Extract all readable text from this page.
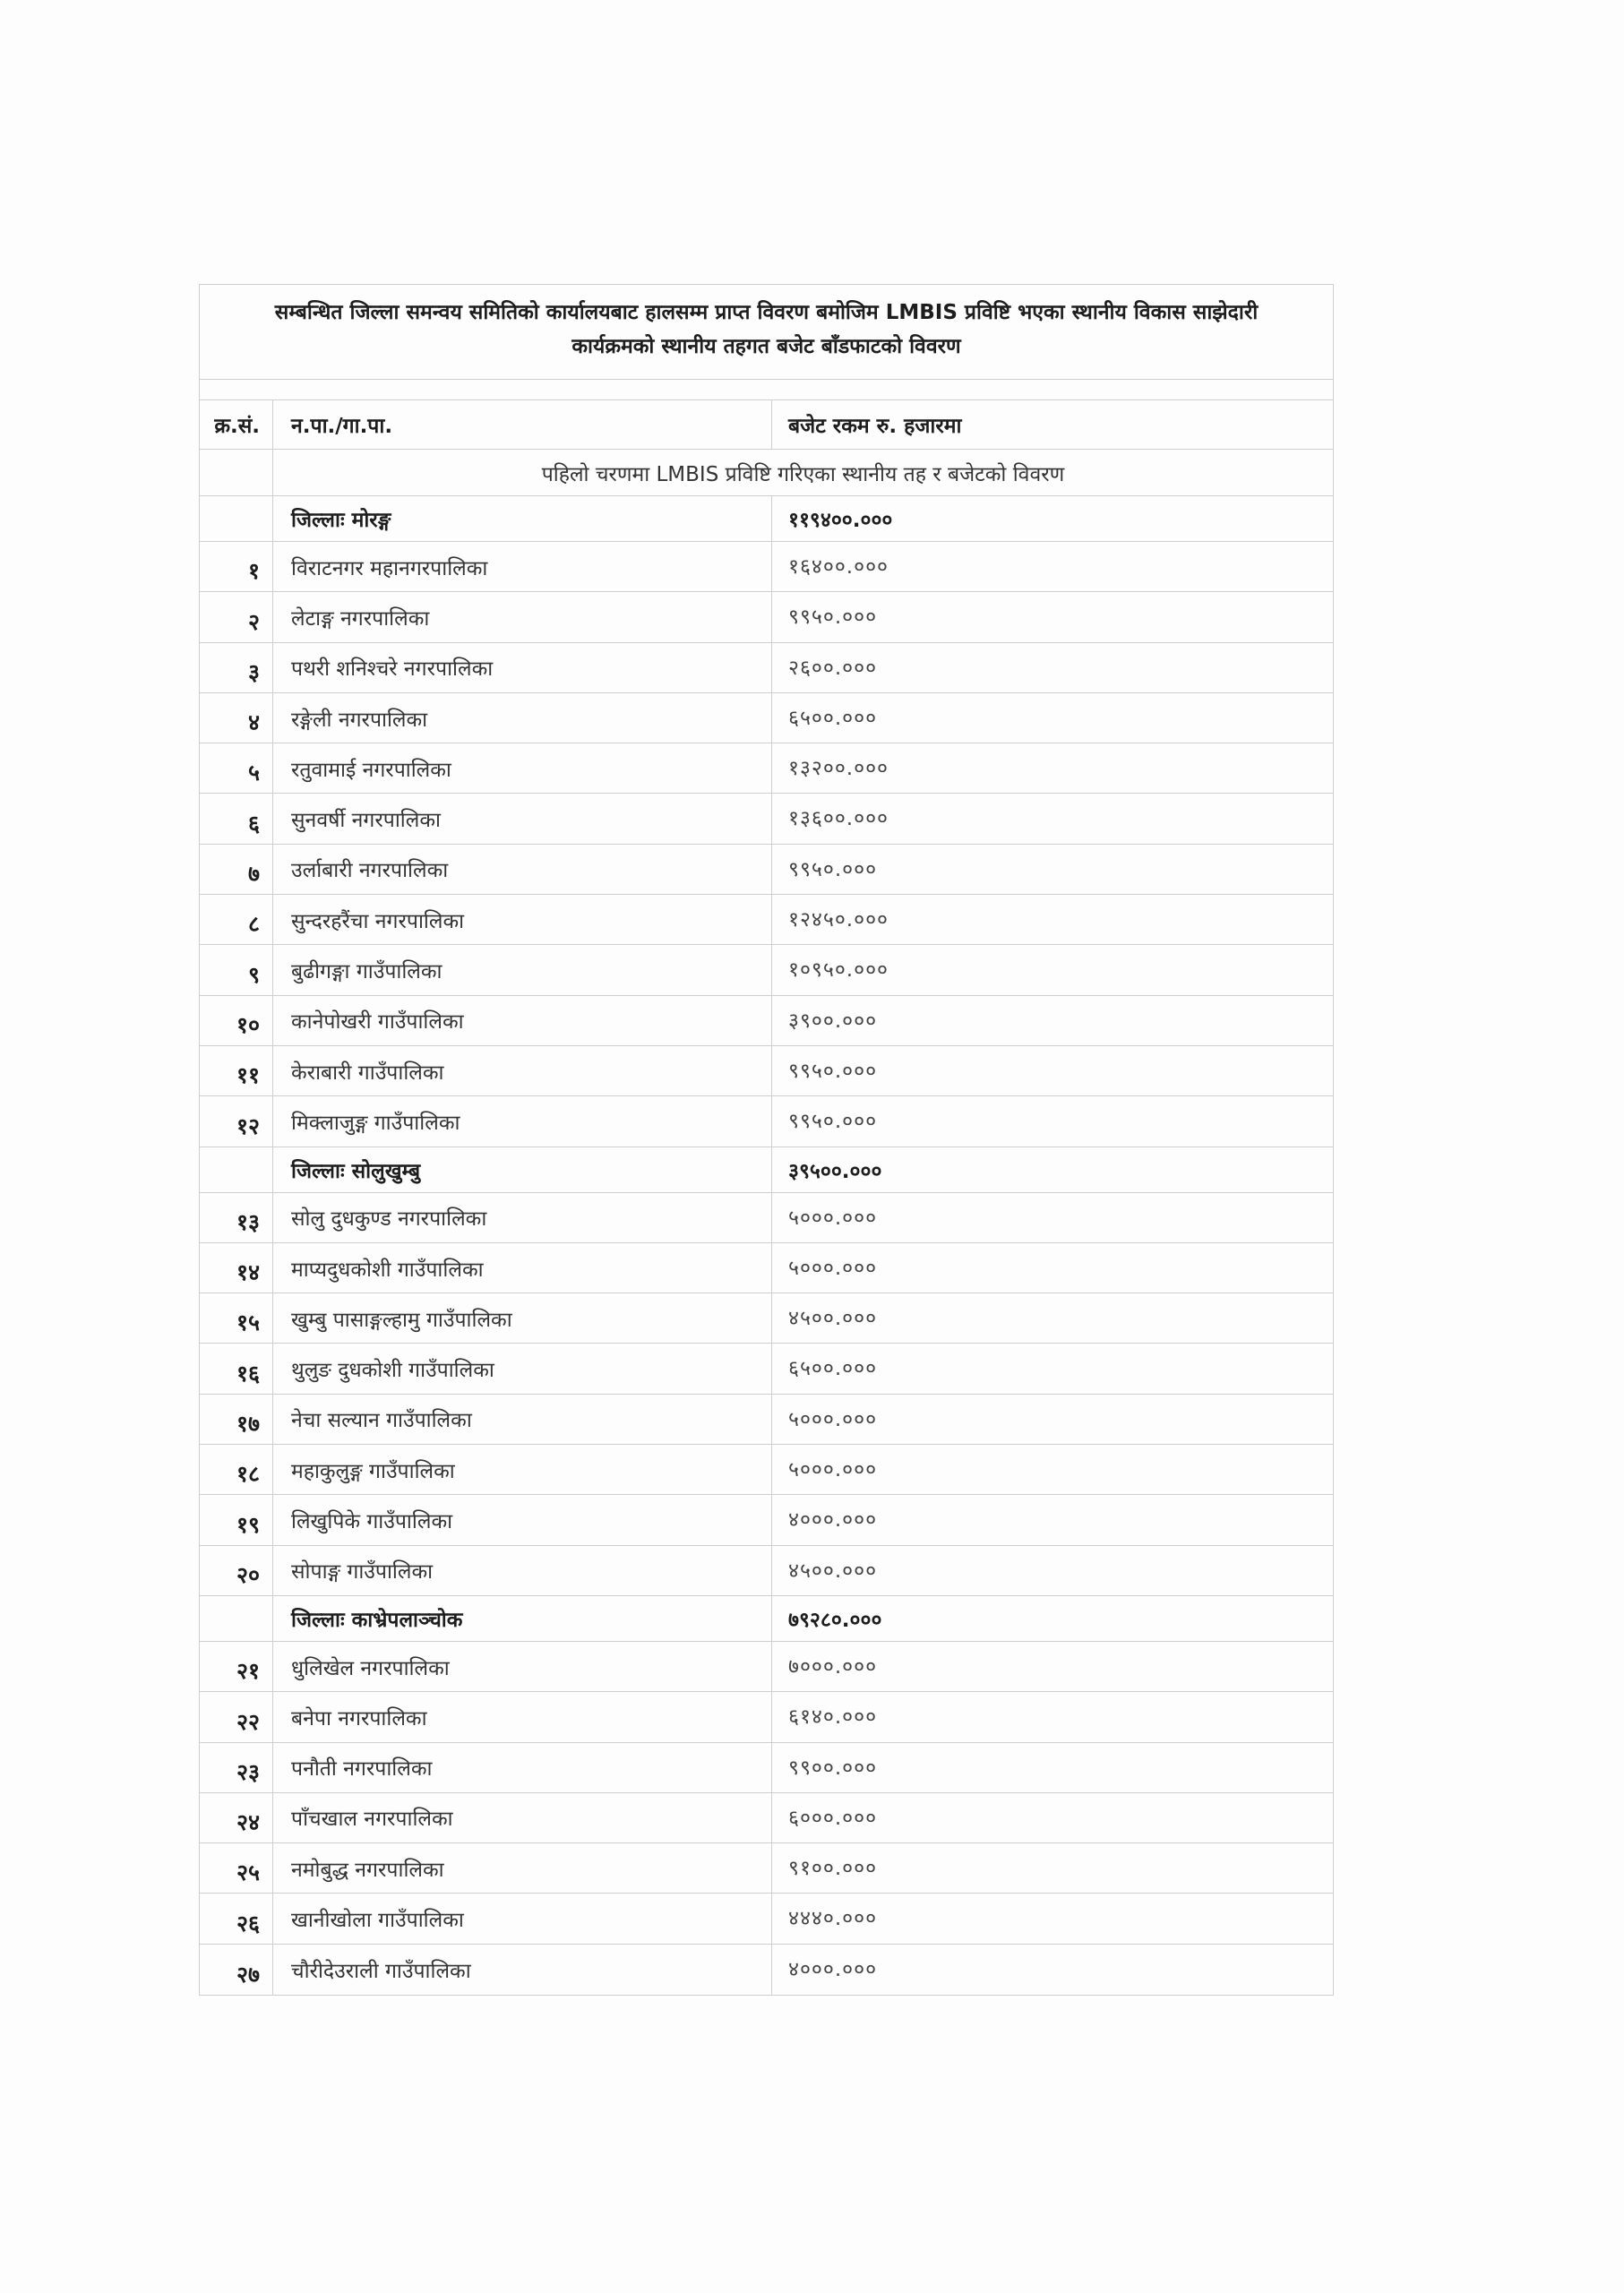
सम्बन्धित जिल्ला समन्वय समितिको कार्यालयबाट हालसम्म प्राप्त विवरण बमोजिम LMBIS प्रविष्टि भएका स्थानीय विकास साझेदारी
कार्यक्रमको स्थानीय तहगत बजेट बाँडफाटको विवरण
क्र.सं.	न.पा./गा.पा.	बजेट रकम रु. हजारमा
पहिलो चरणमा LMBIS प्रविष्टि गरिएका स्थानीय तह र बजेटको विवरण
जिल्लाः मोरङ्ग	११९४००.०००
१	विराटनगर महानगरपालिका	१६४००.०००
२	लेटाङ्ग नगरपालिका	९९५०.०००
३	पथरी शनिश्चरे नगरपालिका	२६००.०००
४	रङ्गेली नगरपालिका	६५००.०००
५	रतुवामाई नगरपालिका	१३२००.०००
६	सुनवर्षी नगरपालिका	१३६००.०००
७	उर्लाबारी नगरपालिका	९९५०.०००
८	सुन्दरहरैंचा नगरपालिका	१२४५०.०००
९	बुढीगङ्गा गाउँपालिका	१०९५०.०००
१०	कानेपोखरी गाउँपालिका	३९००.०००
११	केराबारी गाउँपालिका	९९५०.०००
१२	मिक्लाजुङ्ग गाउँपालिका	९९५०.०००
जिल्लाः सोलुखुम्बु	३९५००.०००
१३	सोलु दुधकुण्ड नगरपालिका	५०००.०००
१४	माप्यदुधकोशी गाउँपालिका	५०००.०००
१५	खुम्बु पासाङ्गल्हामु गाउँपालिका	४५००.०००
१६	थुलुङ दुधकोशी गाउँपालिका	६५००.०००
१७	नेचा सल्यान गाउँपालिका	५०००.०००
१८	महाकुलुङ्ग गाउँपालिका	५०००.०००
१९	लिखुपिके गाउँपालिका	४०००.०००
२०	सोपाङ्ग गाउँपालिका	४५००.०००
जिल्लाः काभ्रेपलाञ्चोक	७९२८०.०००
२१	धुलिखेल नगरपालिका	७०००.०००
२२	बनेपा नगरपालिका	६१४०.०००
२३	पनौती नगरपालिका	९९००.०००
२४	पाँचखाल नगरपालिका	६०००.०००
२५	नमोबुद्ध नगरपालिका	९१००.०००
२६	खानीखोला गाउँपालिका	४४४०.०००
२७	चौरीदेउराली गाउँपालिका	४०००.०००
